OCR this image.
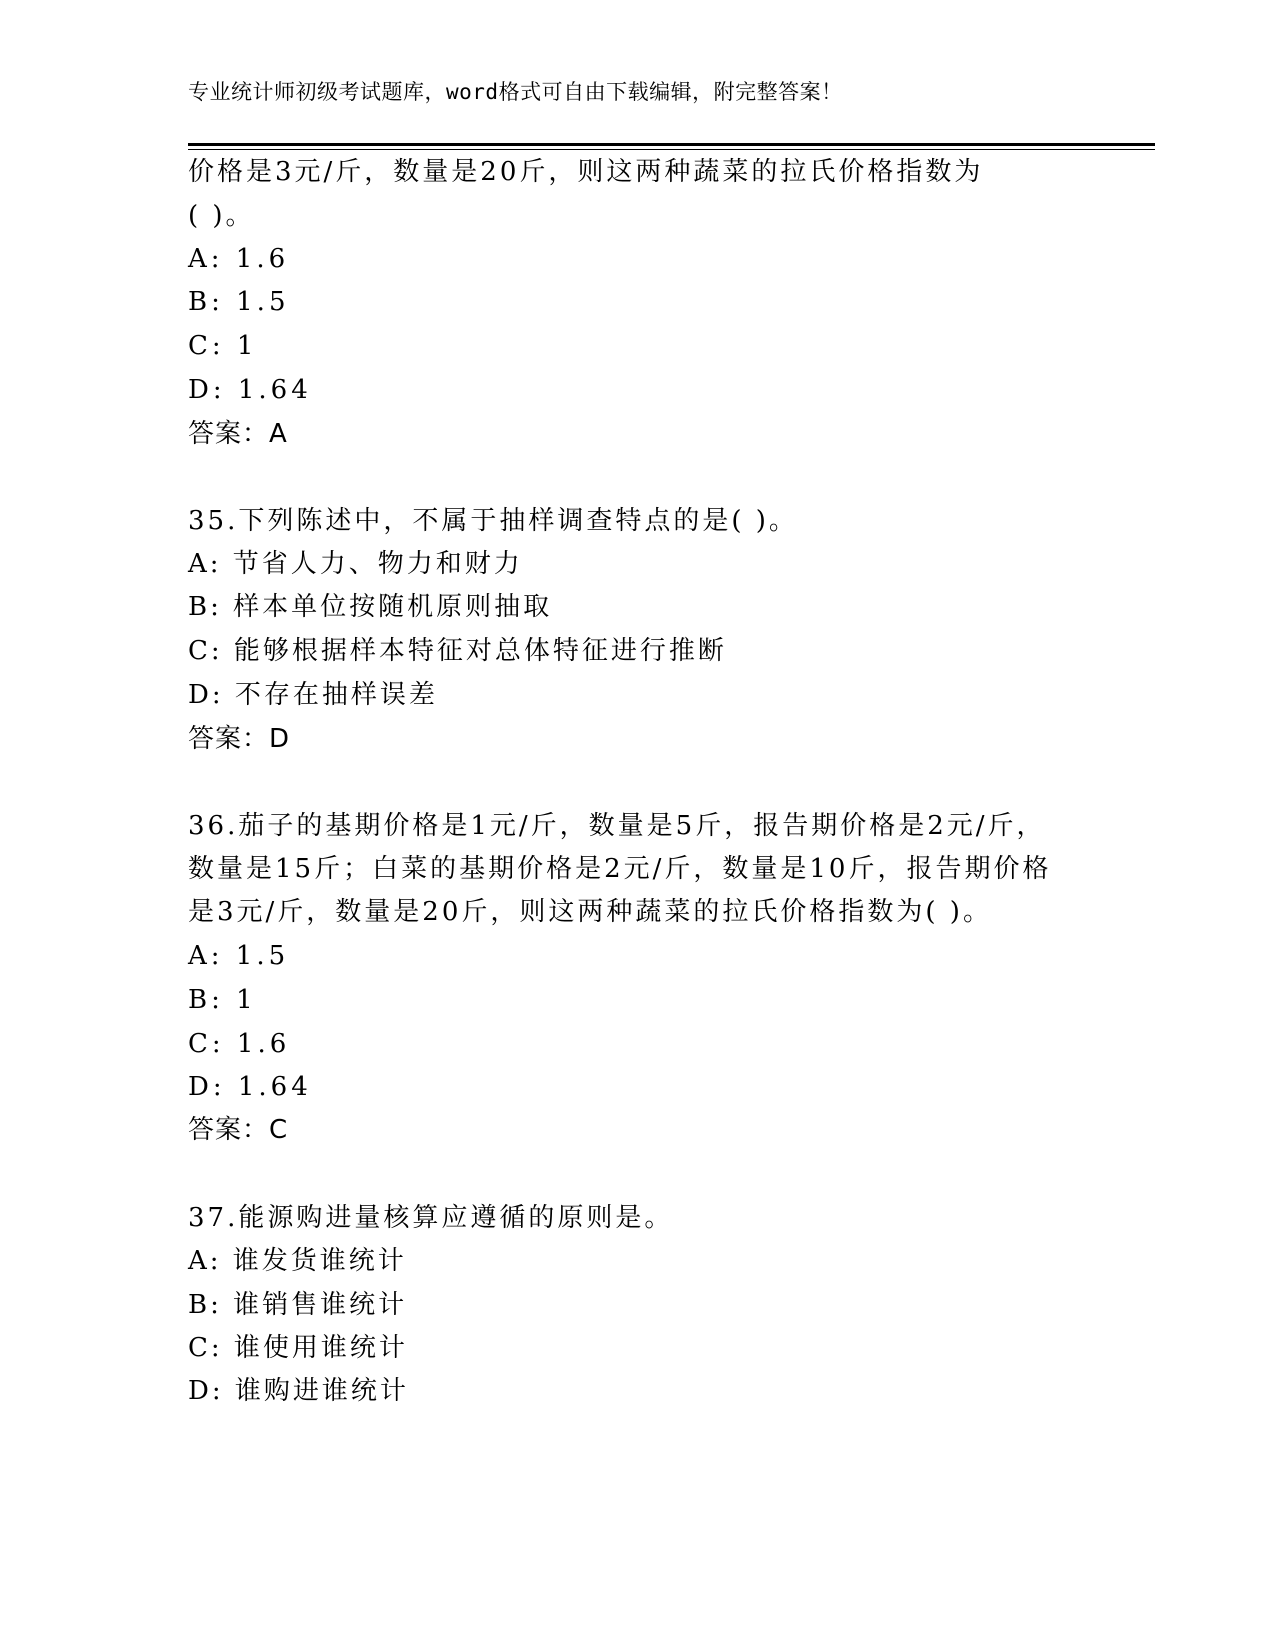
专业统计师初级考试题库，word格式可自由下载编辑，附完整答案！
价格是3元/斤，数量是20斤，则这两种蔬菜的拉氏价格指数为
( )。
A: 1.6
B: 1.5
C: 1
D: 1.64
答案：A
35.下列陈述中，不属于抽样调查特点的是( )。
A: 节省人力、物力和财力
B: 样本单位按随机原则抽取
C: 能够根据样本特征对总体特征进行推断
D: 不存在抽样误差
答案：D
36.茄子的基期价格是1元/斤，数量是5斤，报告期价格是2元/斤，
数量是15斤；白菜的基期价格是2元/斤，数量是10斤，报告期价格
是3元/斤，数量是20斤，则这两种蔬菜的拉氏价格指数为( )。
A: 1.5
B: 1
C: 1.6
D: 1.64
答案：C
37.能源购进量核算应遵循的原则是。
A: 谁发货谁统计
B: 谁销售谁统计
C: 谁使用谁统计
D: 谁购进谁统计
